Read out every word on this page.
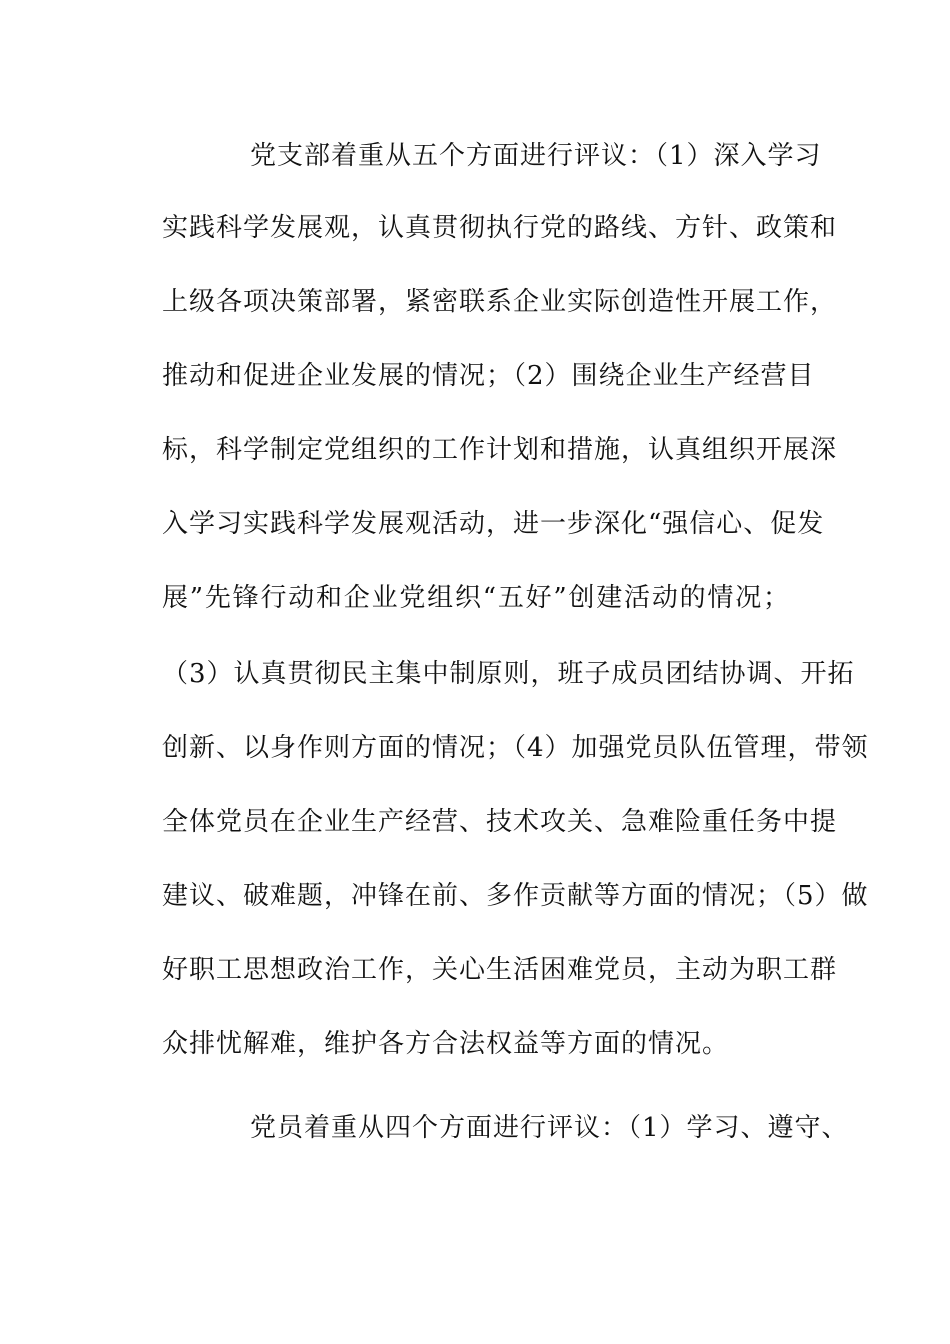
党支部着重从五个方面进行评议：（1）深入学习
实践科学发展观，认真贯彻执行党的路线、方针、政策和
上级各项决策部署，紧密联系企业实际创造性开展工作，
推动和促进企业发展的情况；（2）围绕企业生产经营目
标，科学制定党组织的工作计划和措施，认真组织开展深
入学习实践科学发展观活动，进一步深化“强信心、促发
展”先锋行动和企业党组织“五好”创建活动的情况；
（3）认真贯彻民主集中制原则，班子成员团结协调、开拓
创新、以身作则方面的情况；（4）加强党员队伍管理，带领
全体党员在企业生产经营、技术攻关、急难险重任务中提
建议、破难题，冲锋在前、多作贡献等方面的情况；（5）做
好职工思想政治工作，关心生活困难党员，主动为职工群
众排忧解难，维护各方合法权益等方面的情况。
党员着重从四个方面进行评议：（1）学习、遵守、
